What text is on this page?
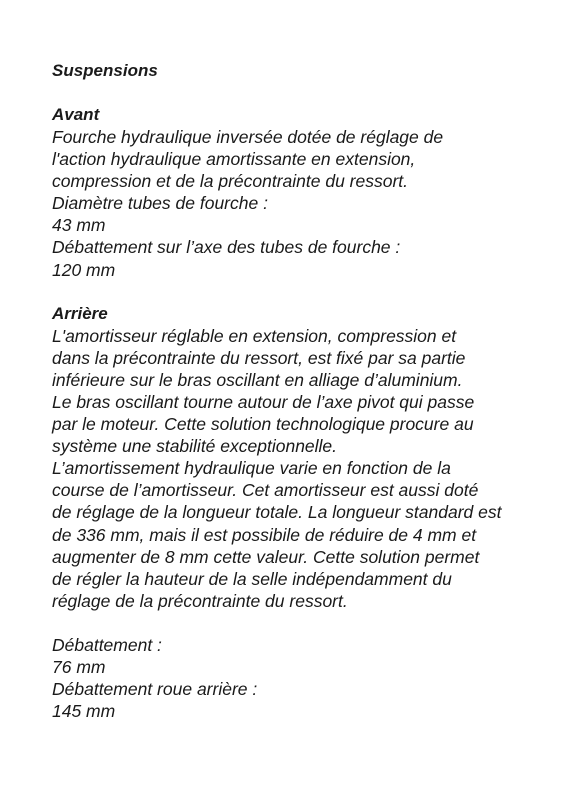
Suspensions

Avant

Fourche hydraulique inversée dotée de réglage de

l'action hydraulique amortissante en extension,

compression et de la précontrainte du ressort.

Diamètre tubes de fourche :

43 mm

Débattement sur l’axe des tubes de fourche :

120 mm

Arrière

L'amortisseur réglable en extension, compression et

dans la précontrainte du ressort, est fixé par sa partie

inférieure sur le bras oscillant en alliage d’aluminium.

Le bras oscillant tourne autour de l’axe pivot qui passe

par le moteur. Cette solution technologique procure au

système une stabilité exceptionnelle.

L’amortissement hydraulique varie en fonction de la

course de l’amortisseur. Cet amortisseur est aussi doté

de réglage de la longueur totale. La longueur standard est

de 336 mm, mais il est possibile de réduire de 4 mm et

augmenter de 8 mm cette valeur. Cette solution permet

de régler la hauteur de la selle indépendamment du

réglage de la précontrainte du ressort.

Débattement :

76 mm

Débattement roue arrière :

145 mm
